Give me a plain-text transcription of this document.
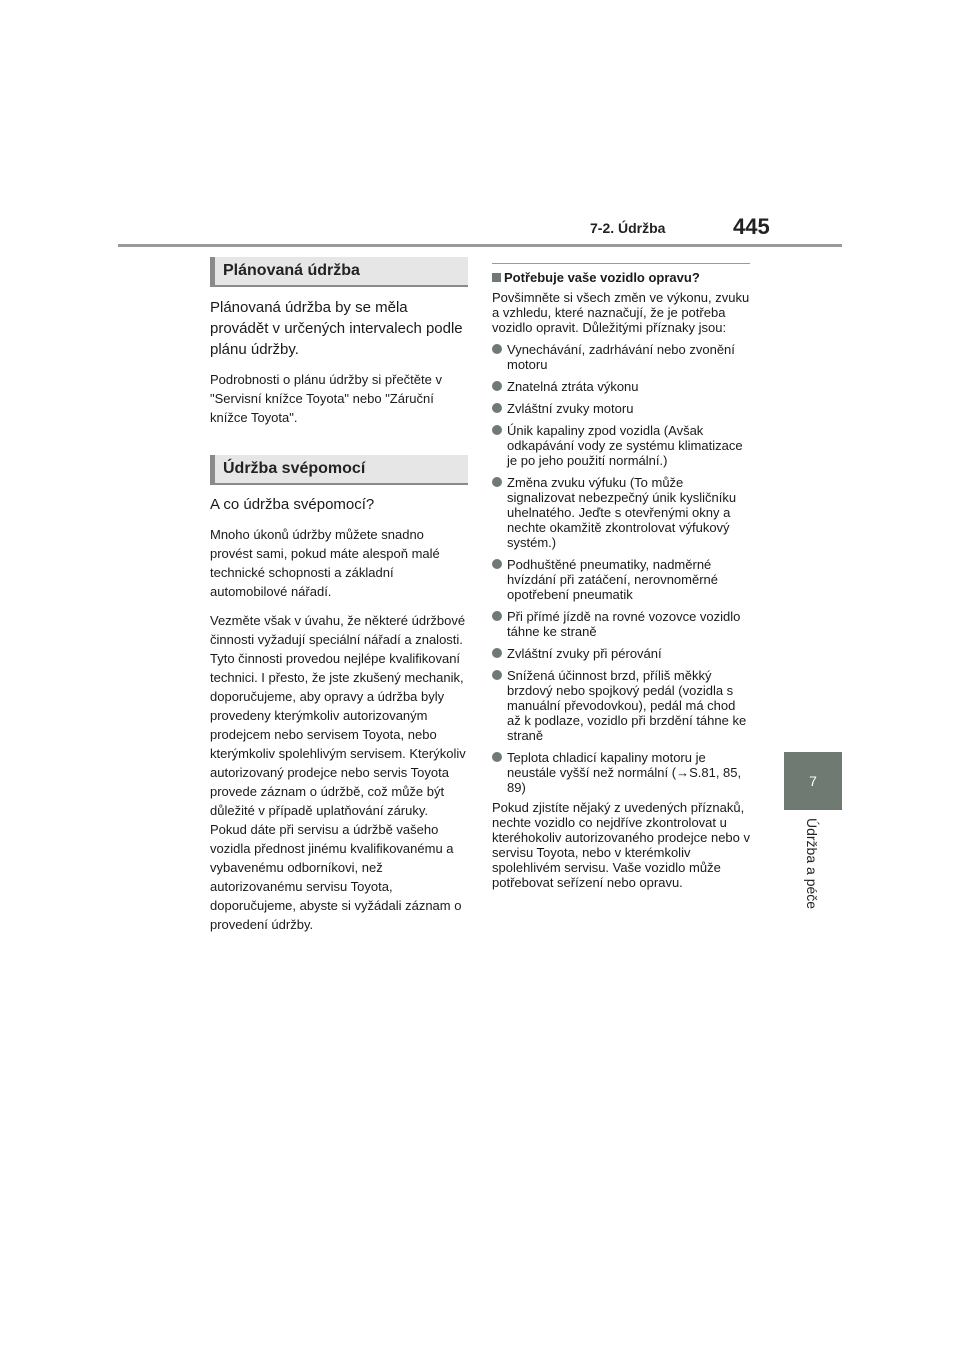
7-2. Údržba	445
7
Údržba a péče
Plánovaná údržba

Plánovaná údržba by se měla provádět v určených intervalech podle plánu údržby.

Podrobnosti o plánu údržby si přečtěte v "Servisní knížce Toyota" nebo "Záruční knížce Toyota".

Údržba svépomocí

A co údržba svépomocí?

Mnoho úkonů údržby můžete snadno provést sami, pokud máte alespoň malé technické schopnosti a základní automobilové nářadí.

Vezměte však v úvahu, že některé údržbové činnosti vyžadují speciální nářadí a znalosti. Tyto činnosti provedou nejlépe kvalifikovaní technici. I přesto, že jste zkušený mechanik, doporučujeme, aby opravy a údržba byly provedeny kterýmkoliv autorizovaným prodejcem nebo servisem Toyota, nebo kterýmkoliv spolehlivým servisem. Kterýkoliv autorizovaný prodejce nebo servis Toyota provede záznam o údržbě, což může být důležité v případě uplatňování záruky. Pokud dáte při servisu a údržbě vašeho vozidla přednost jinému kvalifikovanému a vybavenému odborníkovi, než autorizovanému servisu Toyota, doporučujeme, abyste si vyžádali záznam o provedení údržby.

Potřebuje vaše vozidlo opravu?

Povšimněte si všech změn ve výkonu, zvuku a vzhledu, které naznačují, že je potřeba vozidlo opravit. Důležitými příznaky jsou:

Vynechávání, zadrhávání nebo zvonění motoru
Znatelná ztráta výkonu
Zvláštní zvuky motoru
Únik kapaliny zpod vozidla (Avšak odkapávání vody ze systému klimatizace je po jeho použití normální.)
Změna zvuku výfuku (To může signalizovat nebezpečný únik kysličníku uhelnatého. Jeďte s otevřenými okny a nechte okamžitě zkontrolovat výfukový systém.)
Podhuštěné pneumatiky, nadměrné hvízdání při zatáčení, nerovnoměrné opotřebení pneumatik
Při přímé jízdě na rovné vozovce vozidlo táhne ke straně
Zvláštní zvuky při pérování
Snížená účinnost brzd, příliš měkký brzdový nebo spojkový pedál (vozidla s manuální převodovkou), pedál má chod až k podlaze, vozidlo při brzdění táhne ke straně
Teplota chladicí kapaliny motoru je neustále vyšší než normální (→S.81, 85, 89)

Pokud zjistíte nějaký z uvedených příznaků, nechte vozidlo co nejdříve zkontrolovat u kteréhokoliv autorizovaného prodejce nebo v servisu Toyota, nebo v kterémkoliv spolehlivém servisu. Vaše vozidlo může potřebovat seřízení nebo opravu.
